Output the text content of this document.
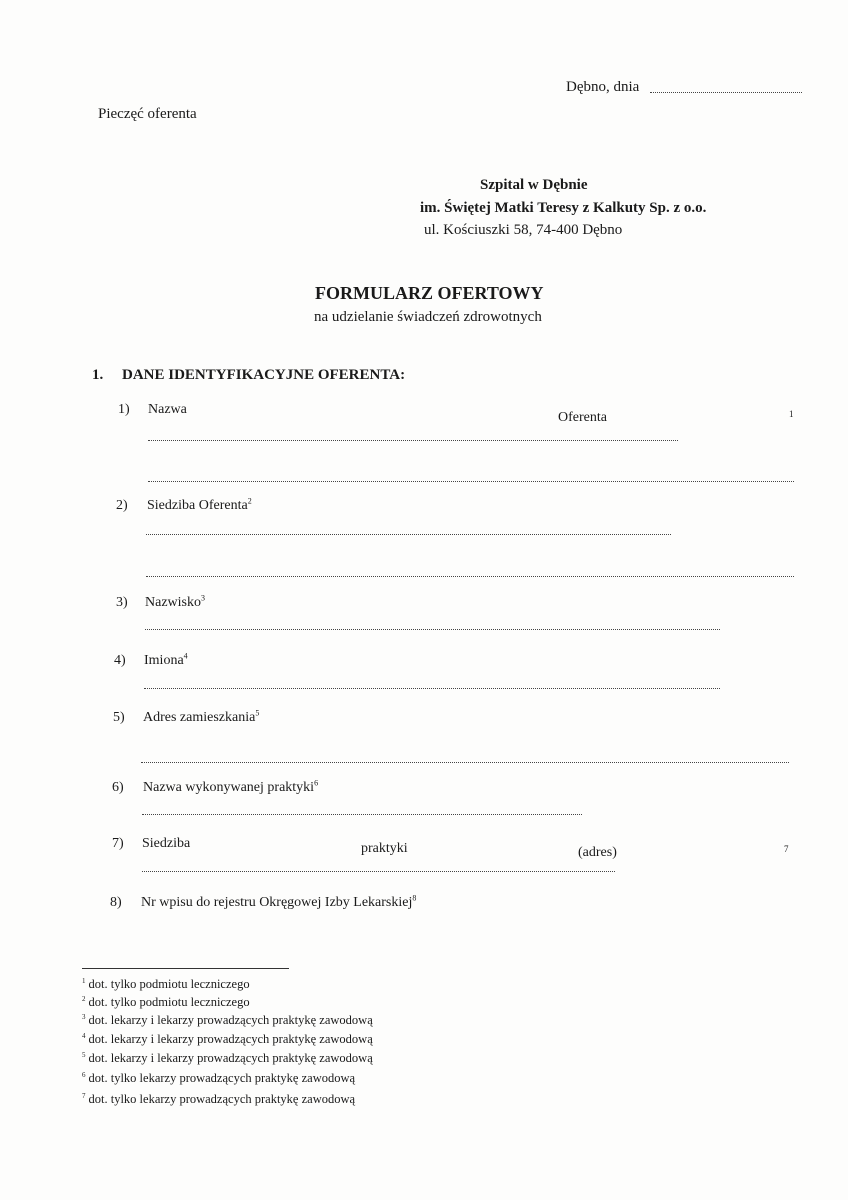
Dębno, dnia
Pieczęć oferenta
Szpital w Dębnie
im. Świętej Matki Teresy z Kalkuty Sp. z o.o.
ul. Kościuszki 58, 74-400 Dębno
FORMULARZ OFERTOWY
na udzielanie świadczeń zdrowotnych
1. DANE IDENTYFIKACYJNE OFERENTA:
1) Nazwa
Oferenta	1
2) Siedziba Oferenta$^2$
3) Nazwisko$^3$
4) Imiona$^4$
5) Adres zamieszkania$^5$
6) Nazwa wykonywanej praktyki$^6$
7) Siedziba	praktyki	(adres)	7
8) Nr wpisu do rejestru Okręgowej Izby Lekarskiej$^8$
$^1$ dot. tylko podmiotu leczniczego
$^2$ dot. tylko podmiotu leczniczego
$^3$ dot. lekarzy i lekarzy prowadzących praktykę zawodową
$^4$ dot. lekarzy i lekarzy prowadzących praktykę zawodową
$^5$ dot. lekarzy i lekarzy prowadzących praktykę zawodową
$^6$ dot. tylko lekarzy prowadzących praktykę zawodową
$^7$ dot. tylko lekarzy prowadzących praktykę zawodową
